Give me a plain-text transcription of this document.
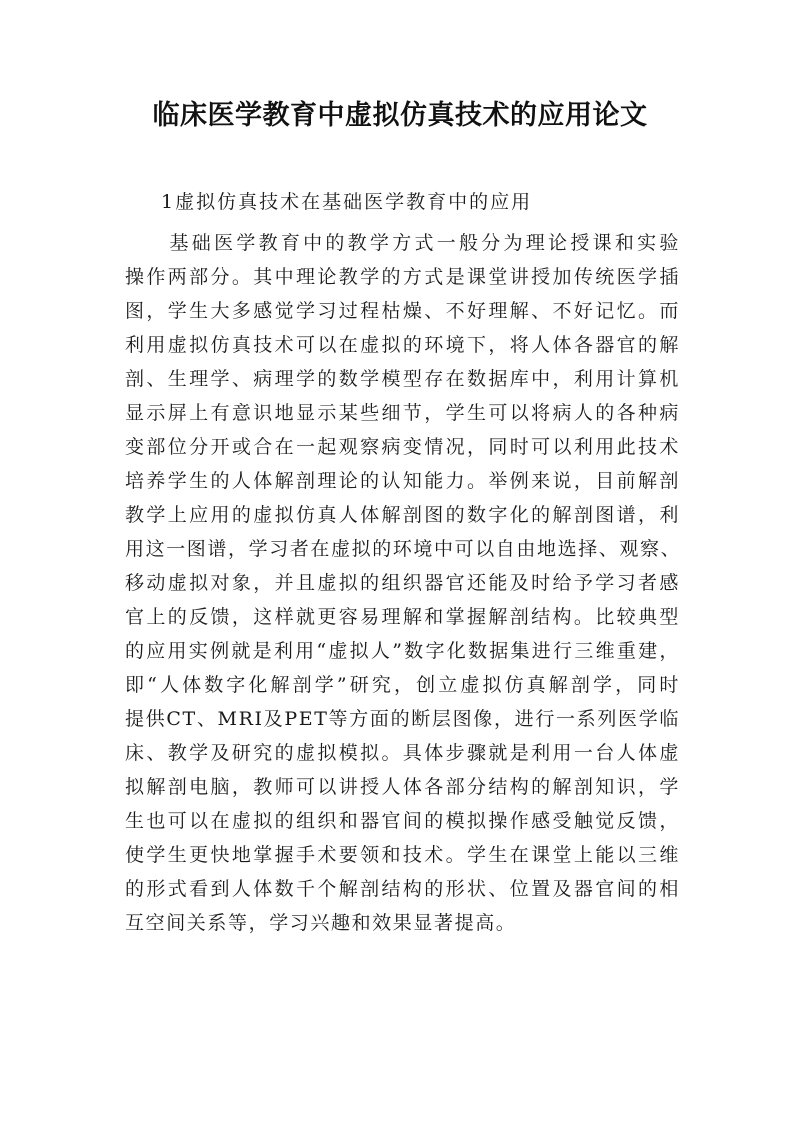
临床医学教育中虚拟仿真技术的应用论文
1虚拟仿真技术在基础医学教育中的应用
　　基础医学教育中的教学方式一般分为理论授课和实验
操作两部分。其中理论教学的方式是课堂讲授加传统医学插
图，学生大多感觉学习过程枯燥、不好理解、不好记忆。而
利用虚拟仿真技术可以在虚拟的环境下，将人体各器官的解
剖、生理学、病理学的数学模型存在数据库中，利用计算机
显示屏上有意识地显示某些细节，学生可以将病人的各种病
变部位分开或合在一起观察病变情况，同时可以利用此技术
培养学生的人体解剖理论的认知能力。举例来说，目前解剖
教学上应用的虚拟仿真人体解剖图的数字化的解剖图谱，利
用这一图谱，学习者在虚拟的环境中可以自由地选择、观察、
移动虚拟对象，并且虚拟的组织器官还能及时给予学习者感
官上的反馈，这样就更容易理解和掌握解剖结构。比较典型
的应用实例就是利用“虚拟人”数字化数据集进行三维重建，
即“人体数字化解剖学”研究，创立虚拟仿真解剖学，同时
提供CT、MRI及PET等方面的断层图像，进行一系列医学临
床、教学及研究的虚拟模拟。具体步骤就是利用一台人体虚
拟解剖电脑，教师可以讲授人体各部分结构的解剖知识，学
生也可以在虚拟的组织和器官间的模拟操作感受触觉反馈，
使学生更快地掌握手术要领和技术。学生在课堂上能以三维
的形式看到人体数千个解剖结构的形状、位置及器官间的相
互空间关系等，学习兴趣和效果显著提高。
